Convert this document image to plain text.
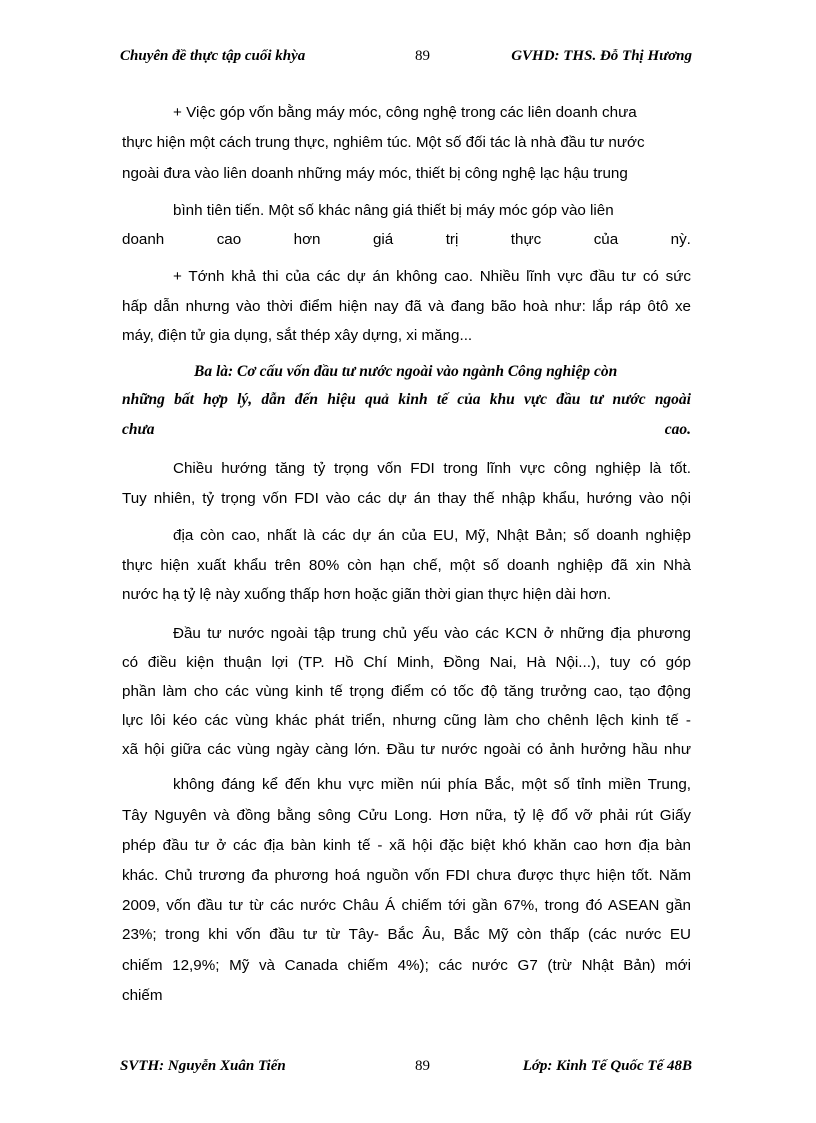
Chuyên đề thực tập cuối khỳa	89	GVHD: THS. Đỗ Thị Hương
+ Việc góp vốn bằng máy móc, công nghệ trong các liên doanh chưa
thực hiện một cách trung thực, nghiêm túc. Một số đối tác là nhà đầu tư nước
ngoài đưa vào liên doanh những máy móc, thiết bị công nghệ lạc hậu trung
bình tiên tiến. Một số khác nâng giá thiết bị máy móc góp vào liên
doanh	cao	hơn	giá	trị	thực	của	nỳ.
+ Tớnh khả thi của các dự án không cao. Nhiều lĩnh vực đầu tư có sức
hấp dẫn nhưng vào thời điểm hiện nay đã và đang bão hoà như: lắp ráp ôtô xe
máy, điện tử gia dụng, sắt thép xây dựng, xi măng...
Ba là: Cơ cấu vốn đầu tư nước ngoài vào ngành Công nghiệp còn
những bất hợp lý, dẫn đến hiệu quả kinh tế của khu vực đầu tư nước ngoài
chưa	cao.
Chiều hướng tăng tỷ trọng vốn FDI trong lĩnh vực công nghiệp là tốt.
Tuy nhiên, tỷ trọng vốn FDI vào các dự án thay thế nhập khẩu, hướng vào nội
địa còn cao, nhất là các dự án của EU, Mỹ, Nhật Bản; số doanh nghiệp
thực hiện xuất khẩu trên 80% còn hạn chế, một số doanh nghiệp đã xin Nhà
nước hạ tỷ lệ này xuống thấp hơn hoặc giãn thời gian thực hiện dài hơn.
Đầu tư nước ngoài tập trung chủ yếu vào các KCN ở những địa phương
có điều kiện thuận lợi (TP. Hồ Chí Minh, Đồng Nai, Hà Nội...), tuy có góp
phần làm cho các vùng kinh tế trọng điểm có tốc độ tăng trưởng cao, tạo động
lực lôi kéo các vùng khác phát triển, nhưng cũng làm cho chênh lệch kinh tế -
xã hội giữa các vùng ngày càng lớn. Đầu tư nước ngoài có ảnh hưởng hầu như
không đáng kể đến khu vực miền núi phía Bắc, một số tỉnh miền Trung,
Tây Nguyên và đồng bằng sông Cửu Long. Hơn nữa, tỷ lệ đổ vỡ phải rút Giấy
phép đầu tư ở các địa bàn kinh tế - xã hội đặc biệt khó khăn cao hơn địa bàn
khác. Chủ trương đa phương hoá nguồn vốn FDI chưa được thực hiện tốt. Năm
2009, vốn đầu tư từ các nước Châu Á chiếm tới gần 67%, trong đó ASEAN gần
23%; trong khi vốn đầu tư từ Tây- Bắc Âu, Bắc Mỹ còn thấp (các nước EU
chiếm 12,9%; Mỹ và Canada chiếm 4%); các nước G7 (trừ Nhật Bản) mới
chiếm
SVTH: Nguyễn Xuân Tiến	89	Lớp: Kinh Tế Quốc Tế 48B
